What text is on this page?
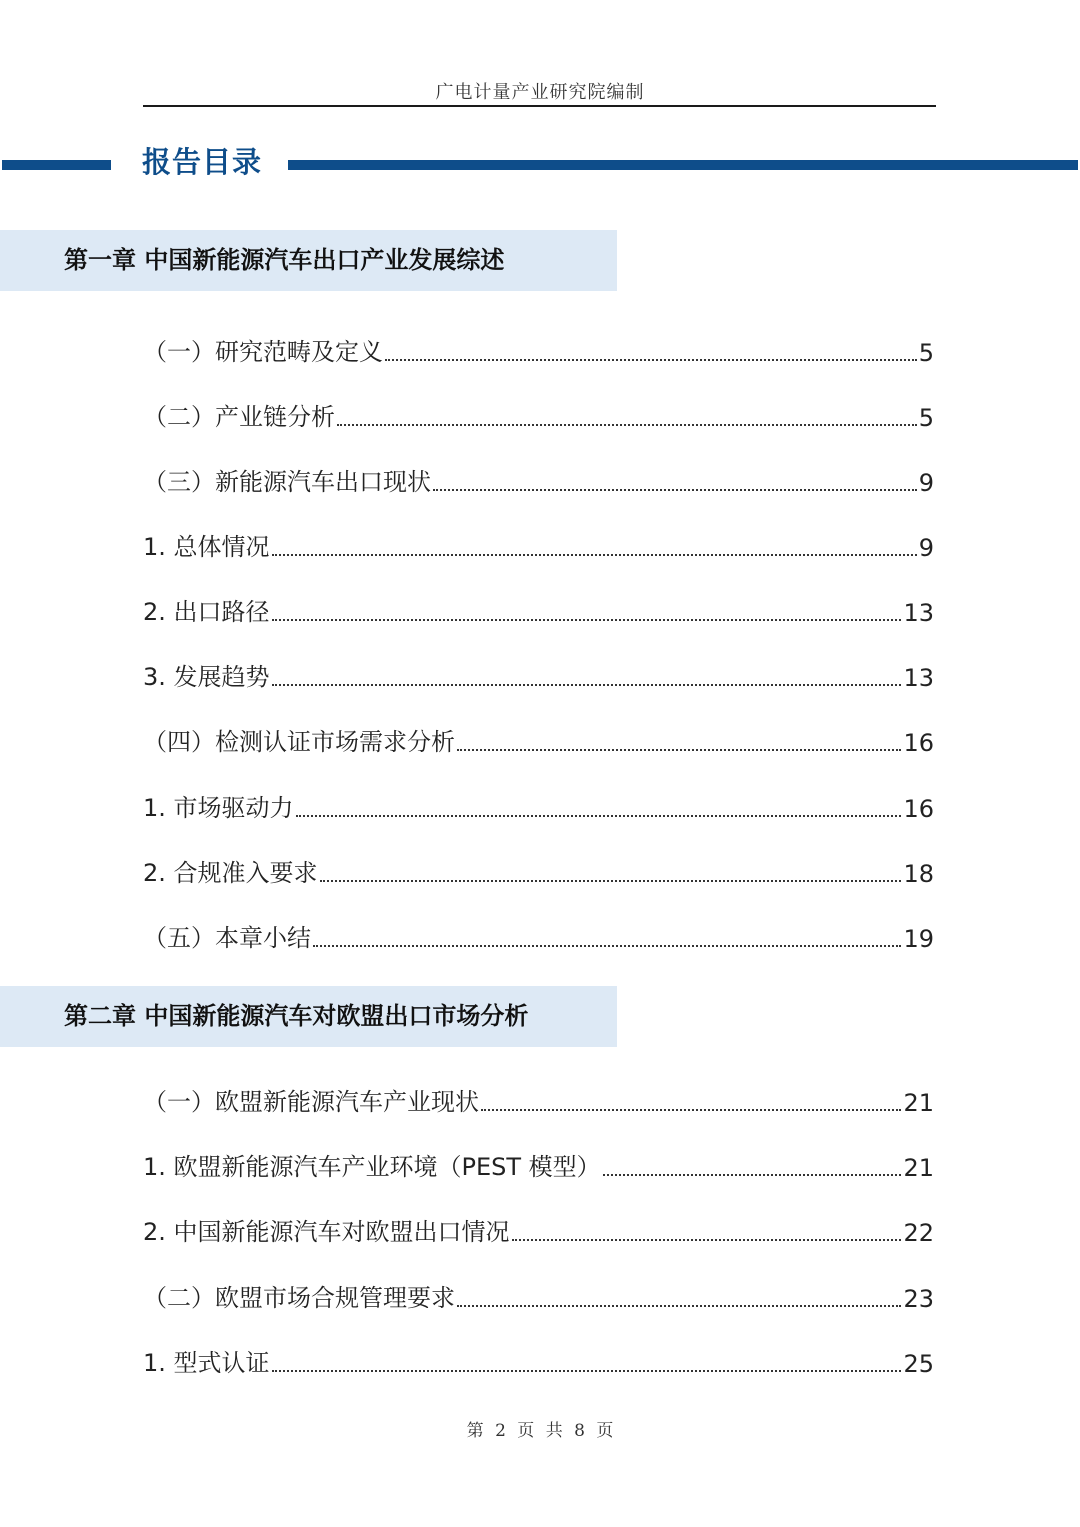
广电计量产业研究院编制
报告目录
第一章 中国新能源汽车出口产业发展综述
（一）研究范畴及定义	5
（二）产业链分析	5
（三）新能源汽车出口现状	9
1. 总体情况	9
2. 出口路径	13
3. 发展趋势	13
（四）检测认证市场需求分析	16
1. 市场驱动力	16
2. 合规准入要求	18
（五）本章小结	19
第二章 中国新能源汽车对欧盟出口市场分析
（一）欧盟新能源汽车产业现状	21
1. 欧盟新能源汽车产业环境（PEST 模型）	21
2. 中国新能源汽车对欧盟出口情况	22
（二）欧盟市场合规管理要求	23
1. 型式认证	25
第 2 页 共 8 页
